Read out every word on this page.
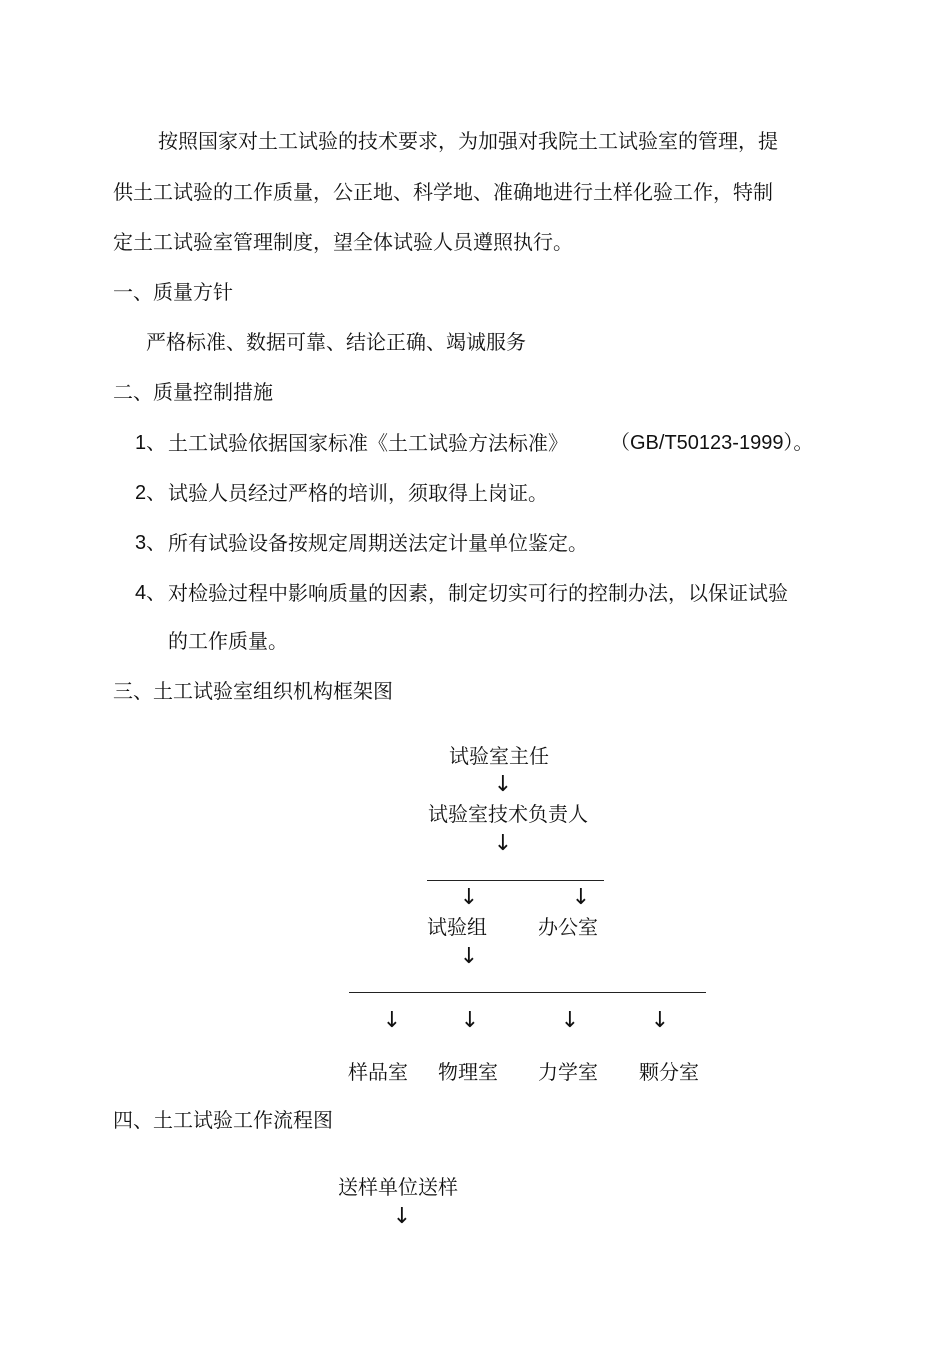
按照国家对土工试验的技术要求，为加强对我院土工试验室的管理，提
供土工试验的工作质量，公正地、科学地、准确地进行土样化验工作，特制
定土工试验室管理制度，望全体试验人员遵照执行。
一、质量方针
严格标准、数据可靠、结论正确、竭诚服务
二、质量控制措施
1、 土工试验依据国家标准《土工试验方法标准》 （GB/T50123-1999）。
2、 试验人员经过严格的培训，须取得上岗证。
3、 所有试验设备按规定周期送法定计量单位鉴定。
4、 对检验过程中影响质量的因素，制定切实可行的控制办法，以保证试验
的工作质量。
三、土工试验室组织机构框架图
试验室主任
↓
试验室技术负责人
↓
↓	↓
试验组	办公室
↓
↓	↓	↓	↓
样品室 物理室 力学室 颗分室
四、土工试验工作流程图
送样单位送样
↓
